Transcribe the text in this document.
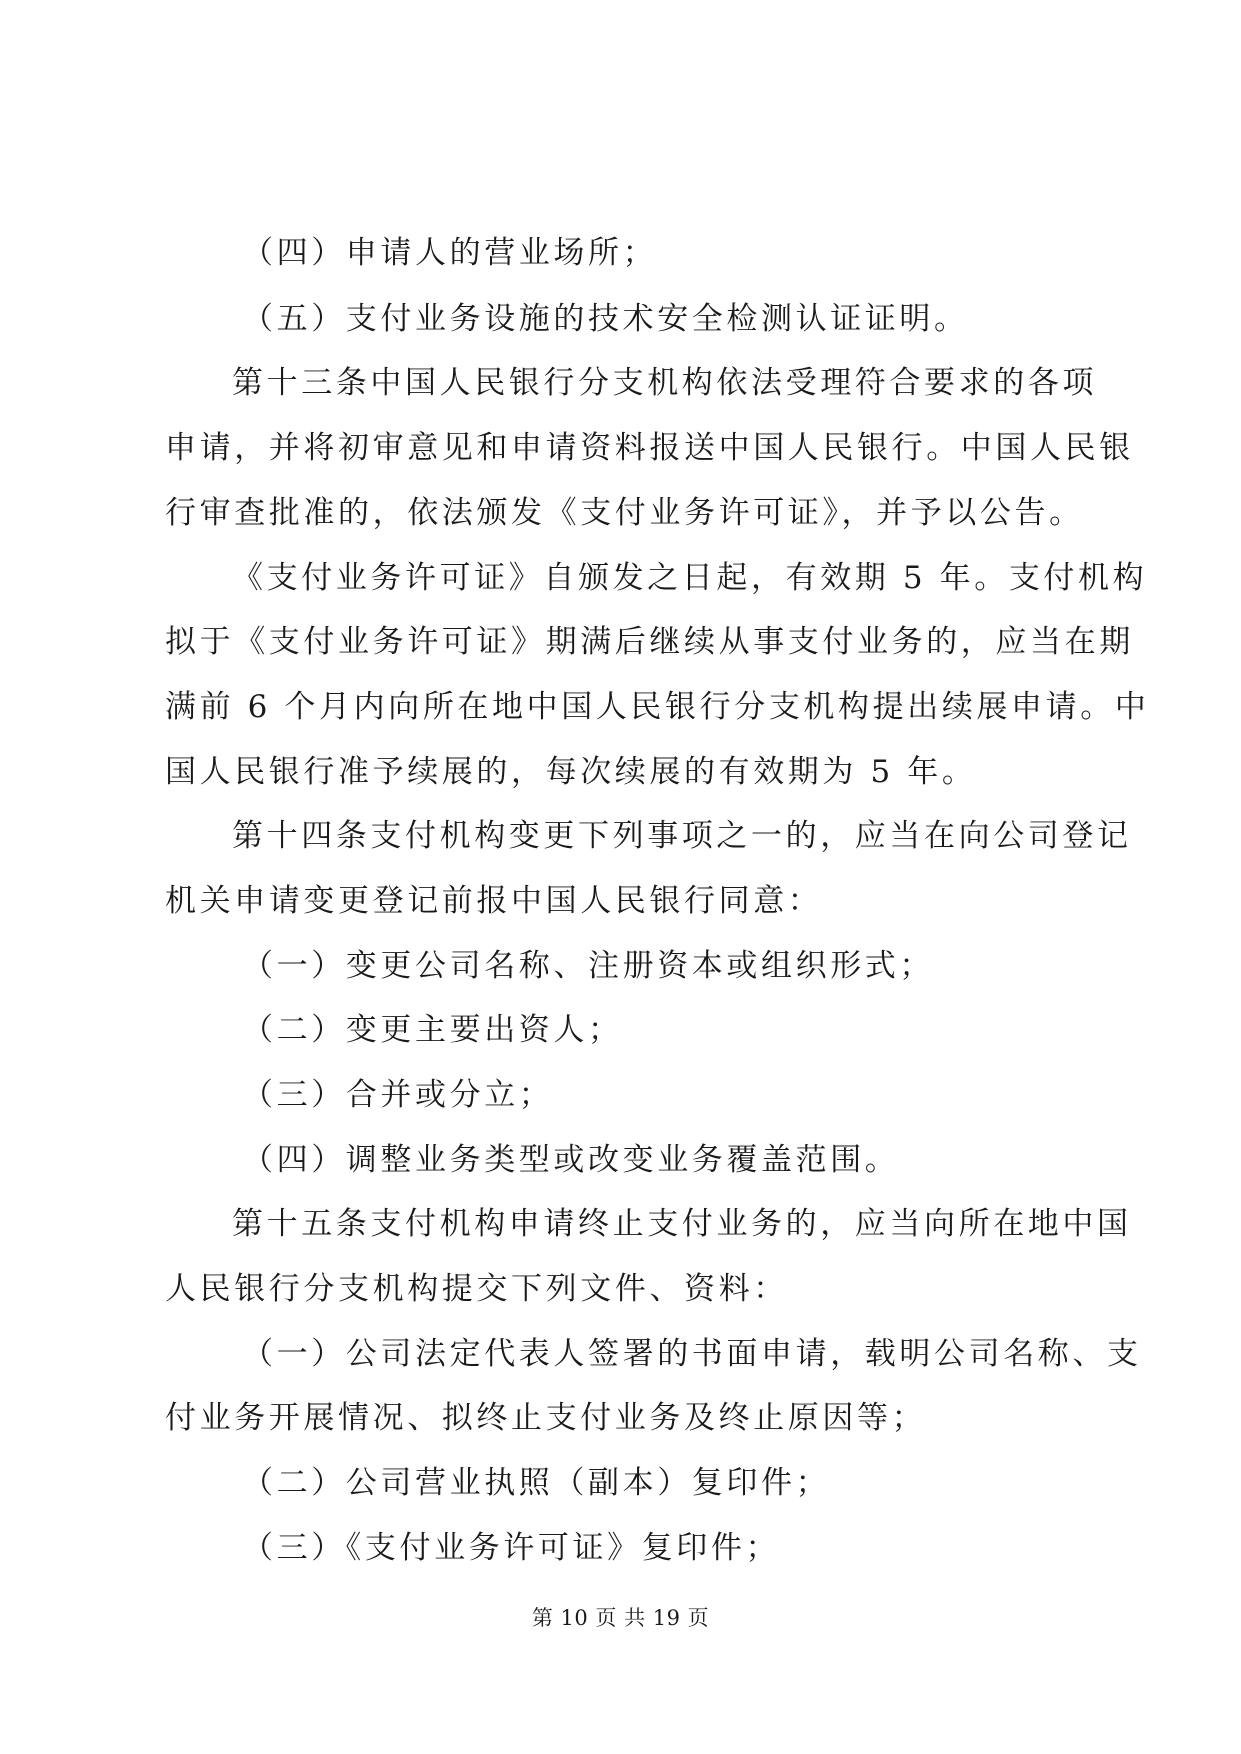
（四）申请人的营业场所；
（五）支付业务设施的技术安全检测认证证明。
第十三条中国人民银行分支机构依法受理符合要求的各项
申请，并将初审意见和申请资料报送中国人民银行。中国人民银
行审查批准的，依法颁发《支付业务许可证》，并予以公告。
《支付业务许可证》自颁发之日起，有效期 5 年。支付机构
拟于《支付业务许可证》期满后继续从事支付业务的，应当在期
满前 6 个月内向所在地中国人民银行分支机构提出续展申请。中
国人民银行准予续展的，每次续展的有效期为 5 年。
第十四条支付机构变更下列事项之一的，应当在向公司登记
机关申请变更登记前报中国人民银行同意：
（一）变更公司名称、注册资本或组织形式；
（二）变更主要出资人；
（三）合并或分立；
（四）调整业务类型或改变业务覆盖范围。
第十五条支付机构申请终止支付业务的，应当向所在地中国
人民银行分支机构提交下列文件、资料：
（一）公司法定代表人签署的书面申请，载明公司名称、支
付业务开展情况、拟终止支付业务及终止原因等；
（二）公司营业执照（副本）复印件；
（三）《支付业务许可证》复印件；
第 10 页 共 19 页
